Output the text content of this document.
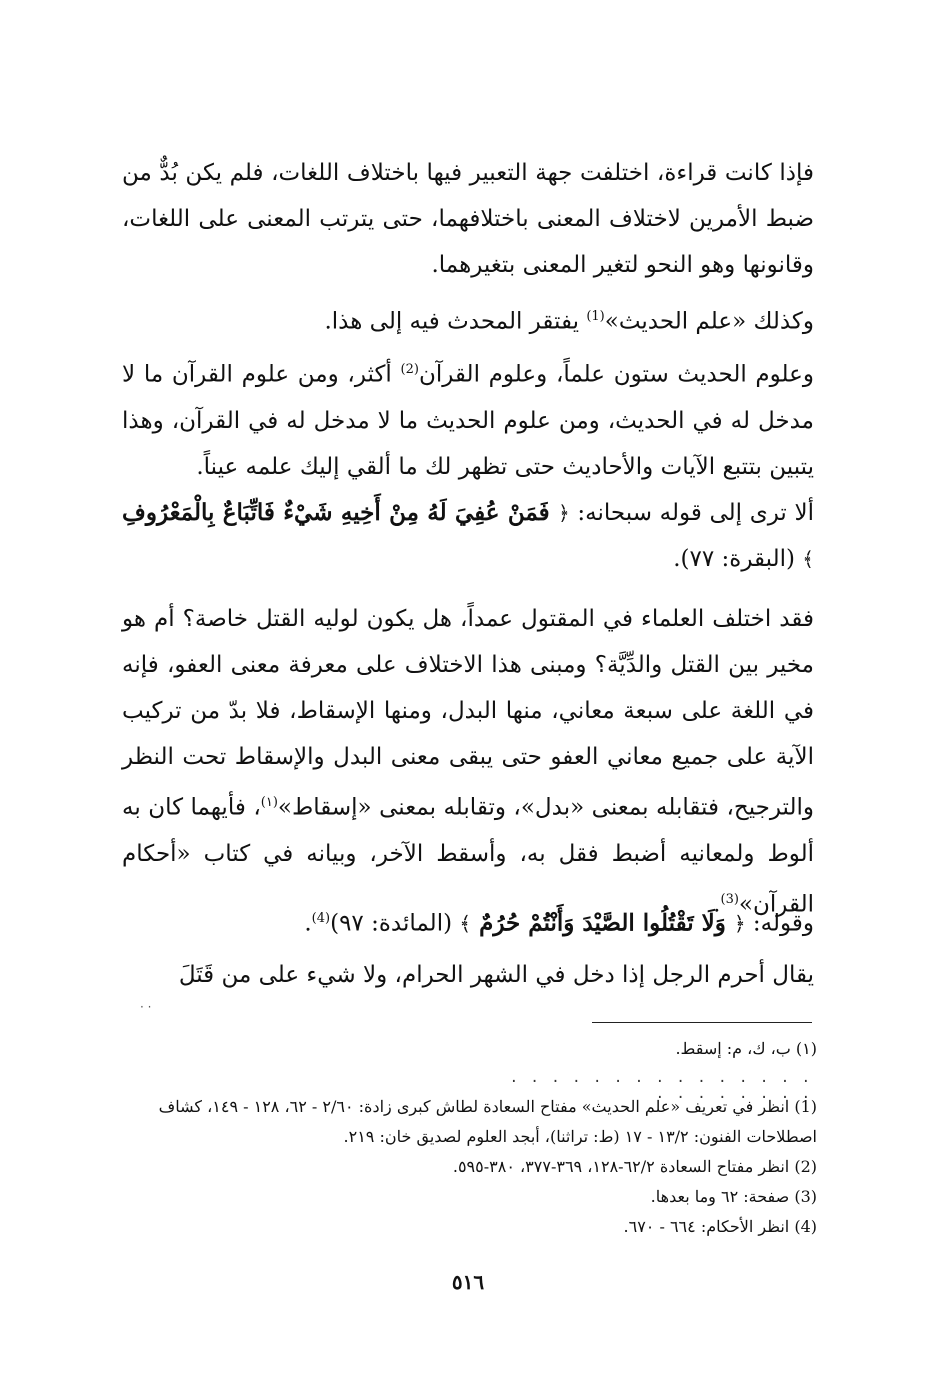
فإذا كانت قراءة، اختلفت جهة التعبير فيها باختلاف اللغات، فلم يكن بُدٌّ من ضبط الأمرين لاختلاف المعنى باختلافهما، حتى يترتب المعنى على اللغات، وقانونها وهو النحو لتغير المعنى بتغيرهما.

وكذلك «علم الحديث»$^{(1)}$ يفتقر المحدث فيه إلى هذا.

وعلوم الحديث ستون علماً، وعلوم القرآن$^{(2)}$ أكثر، ومن علوم القرآن ما لا مدخل له في الحديث، ومن علوم الحديث ما لا مدخل له في القرآن، وهذا يتبين بتتبع الآيات والأحاديث حتى تظهر لك ما ألقي إليك علمه عيناً.

ألا ترى إلى قوله سبحانه: ﴿ فَمَنْ عُفِيَ لَهُ مِنْ أَخِيهِ شَيْءٌ فَاتِّبَاعٌ بِالْمَعْرُوفِ ﴾ (البقرة: ٧٧).

فقد اختلف العلماء في المقتول عمداً، هل يكون لوليه القتل خاصة؟ أم هو مخير بين القتل والدِّيَّة؟ ومبنى هذا الاختلاف على معرفة معنى العفو، فإنه في اللغة على سبعة معاني، منها البدل، ومنها الإسقاط، فلا بدّ من تركيب الآية على جميع معاني العفو حتى يبقى معنى البدل والإسقاط تحت النظر والترجيح، فتقابله بمعنى «بدل»، وتقابله بمعنى «إسقاط»$^{(١)}$، فأيهما كان به ألوط ولمعانيه أضبط فقل به، وأسقط الآخر، وبيانه في كتاب «أحكام القرآن»$^{(3)}$.

وقوله: ﴿ وَلَا تَقْتُلُوا الصَّيْدَ وَأَنْتُمْ حُرُمٌ ﴾ (المائدة: ٩٧)$^{(4)}$.

يقال أحرم الرجل إذا دخل في الشهر الحرام، ولا شيء على من قَتَلَ

· ·
(١) ب، ك، م: إسقط.
. . . . . . . . . . . . . . . . . . . . . . .
(1) انظر في تعريف «علم الحديث» مفتاح السعادة لطاش كبرى زادة: ٢/٦٠ - ٦٢، ١٢٨ - ١٤٩، كشاف اصطلاحات الفنون: ١٣/٢ - ١٧ (ط: تراثنا)، أبجد العلوم لصديق خان: ٢١٩.
(2) انظر مفتاح السعادة ٦٢/٢-١٢٨، ٣٦٩-٣٧٧، ٣٨٠-٥٩٥.
(3) صفحة: ٦٢ وما بعدها.
(4) انظر الأحكام: ٦٦٤ - ٦٧٠.
٥١٦
